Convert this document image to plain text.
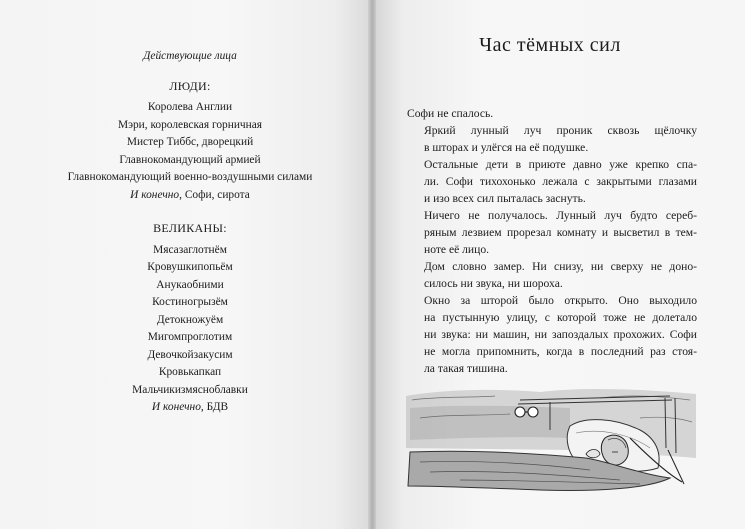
Действующие лица
ЛЮДИ:
Королева Англии
Мэри, королевская горничная
Мистер Тиббс, дворецкий
Главнокомандующий армией
Главнокомандующий военно-воздушными силами
И конечно, Софи, сирота
ВЕЛИКАНЫ:
Мясазаглотнём
Кровушкипопьём
Анукаобними
Костиногрызём
Детокножуём
Мигомпроглотим
Девочкойзакусим
Кровькапкап
Мальчикизмясноблавки
И конечно, БДВ
Час тёмных сил

Софи не спалось.

Яркий лунный луч проник сквозь щёлочку
в шторах и улёгся на её подушке.

Остальные дети в приюте давно уже крепко спа-
ли. Софи тихохонько лежала с закрытыми глазами
и изо всех сил пыталась заснуть.

Ничего не получалось. Лунный луч будто сереб-
ряным лезвием прорезал комнату и высветил в тем-
ноте её лицо.

Дом словно замер. Ни снизу, ни сверху не доно-
силось ни звука, ни шороха.

Окно за шторой было открыто. Оно выходило
на пустынную улицу, с которой тоже не долетало
ни звука: ни машин, ни запоздалых прохожих. Софи
не могла припомнить, когда в последний раз стоя-
ла такая тишина.
